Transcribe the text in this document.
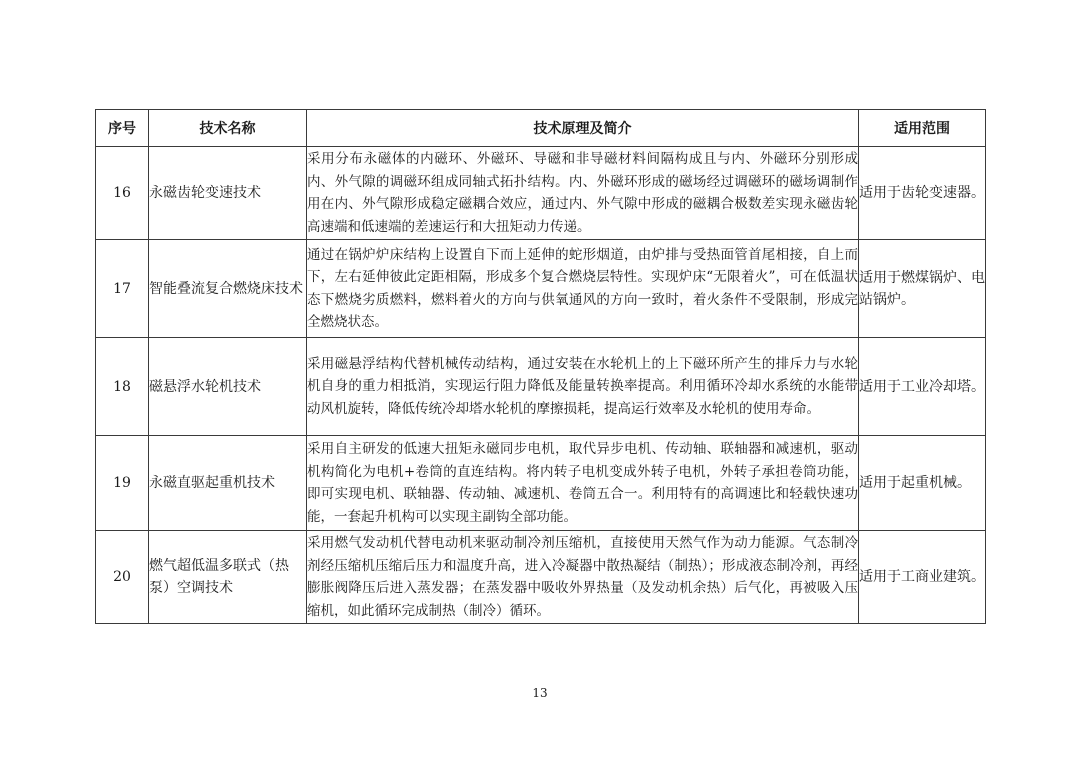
序号	技术名称	技术原理及简介	适用范围
16	永磁齿轮变速技术	采用分布永磁体的内磁环、外磁环、导磁和非导磁材料间隔构成且与内、外磁环分别形成内、外气隙的调磁环组成同轴式拓扑结构。内、外磁环形成的磁场经过调磁环的磁场调制作用在内、外气隙形成稳定磁耦合效应，通过内、外气隙中形成的磁耦合极数差实现永磁齿轮高速端和低速端的差速运行和大扭矩动力传递。	适用于齿轮变速器。
17	智能叠流复合燃烧床技术	通过在锅炉炉床结构上设置自下而上延伸的蛇形烟道，由炉排与受热面管首尾相接，自上而下，左右延伸彼此定距相隔，形成多个复合燃烧层特性。实现炉床“无限着火”，可在低温状态下燃烧劣质燃料，燃料着火的方向与供氧通风的方向一致时，着火条件不受限制，形成完全燃烧状态。	适用于燃煤锅炉、电站锅炉。
18	磁悬浮水轮机技术	采用磁悬浮结构代替机械传动结构，通过安装在水轮机上的上下磁环所产生的排斥力与水轮机自身的重力相抵消，实现运行阻力降低及能量转换率提高。利用循环冷却水系统的水能带动风机旋转，降低传统冷却塔水轮机的摩擦损耗，提高运行效率及水轮机的使用寿命。	适用于工业冷却塔。
19	永磁直驱起重机技术	采用自主研发的低速大扭矩永磁同步电机，取代异步电机、传动轴、联轴器和减速机，驱动机构简化为电机+卷筒的直连结构。将内转子电机变成外转子电机，外转子承担卷筒功能，即可实现电机、联轴器、传动轴、减速机、卷筒五合一。利用特有的高调速比和轻载快速功能，一套起升机构可以实现主副钩全部功能。	适用于起重机械。
20	燃气超低温多联式（热泵）空调技术	采用燃气发动机代替电动机来驱动制冷剂压缩机，直接使用天然气作为动力能源。气态制冷剂经压缩机压缩后压力和温度升高，进入冷凝器中散热凝结（制热）；形成液态制冷剂，再经膨胀阀降压后进入蒸发器；在蒸发器中吸收外界热量（及发动机余热）后气化，再被吸入压缩机，如此循环完成制热（制冷）循环。	适用于工商业建筑。
13
